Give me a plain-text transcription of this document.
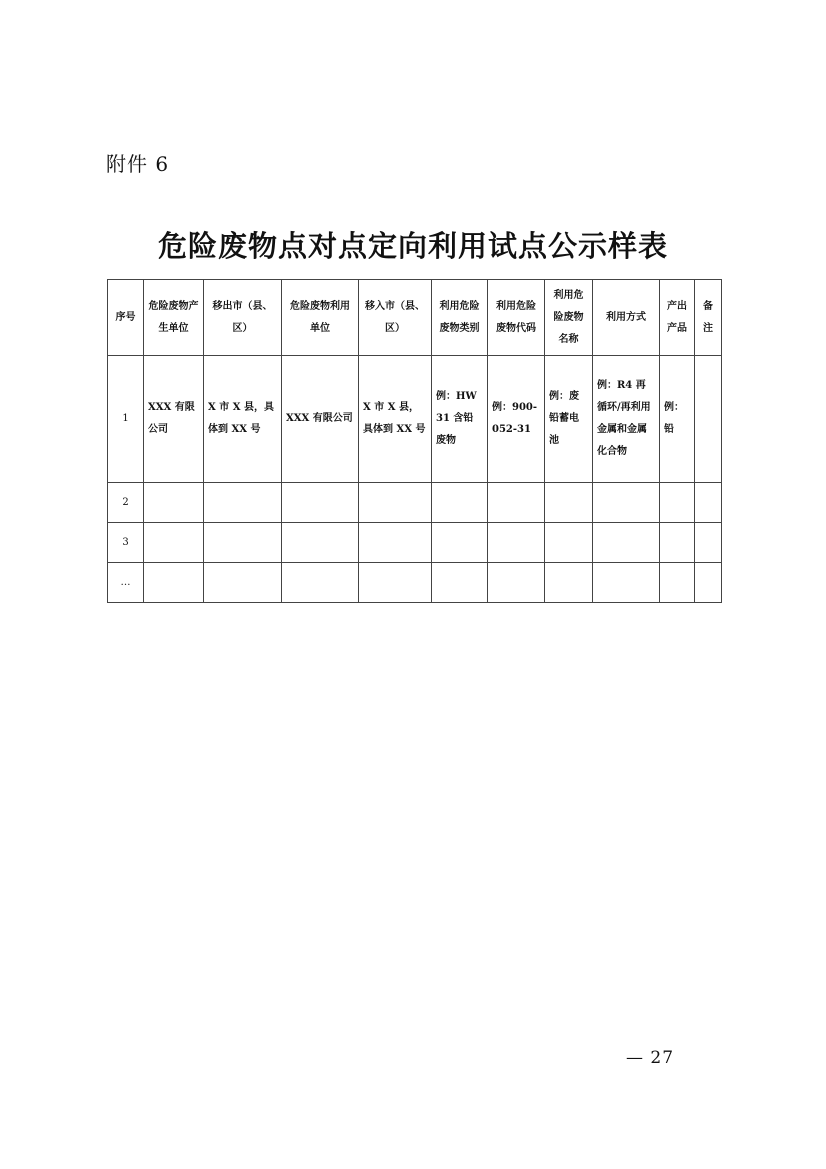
附件 6
危险废物点对点定向利用试点公示样表
序号	危险废物产生单位	移出市（县、区）	危险废物利用单位	移入市（县、区）	利用危险废物类别	利用危险废物代码	利用危险废物名称	利用方式	产出产品	备注
1	XXX 有限公司	X 市 X 县，具体到 XX 号	XXX 有限公司	X 市 X 县，具体到 XX 号	例：HW31 含铅废物	例：900-052-31	例：废铅蓄电池	例：R4 再循环/再利用金属和金属化合物	例：铅	
2										
3										
…										
— 27
